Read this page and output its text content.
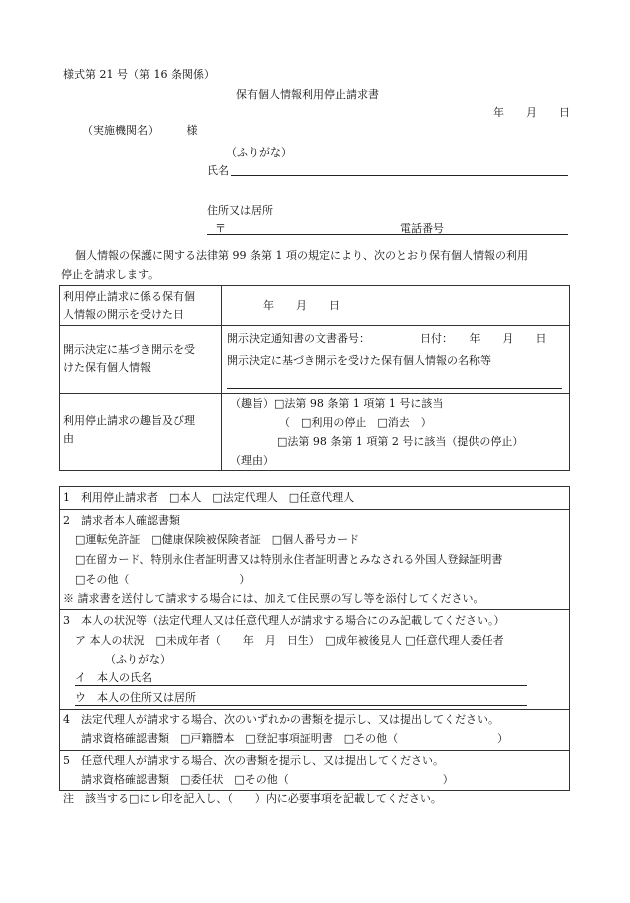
様式第 21 号（第 16 条関係）
保有個人情報利用停止請求書
年　　月　　日
（実施機関名）　　　様
（ふりがな）
氏名
住所又は居所
〒	電話番号
個人情報の保護に関する法律第 99 条第 1 項の規定により、次のとおり保有個人情報の利用
停止を請求します。
利用停止請求に係る保有個
人情報の開示を受けた日
年　　月　　日
開示決定に基づき開示を受
けた保有個人情報
開示決定通知書の文書番号：	日付：　　年　　月　　日
開示決定に基づき開示を受けた保有個人情報の名称等
利用停止請求の趣旨及び理
由
（趣旨）□法第 98 条第 1 項第 1 号に該当
（　□利用の停止　□消去　）
□法第 98 条第 1 項第 2 号に該当（提供の停止）
（理由）
1　利用停止請求者　□本人　□法定代理人　□任意代理人
2　請求者本人確認書類
□運転免許証　□健康保険被保険者証　□個人番号カード
□在留カード、特別永住者証明書又は特別永住者証明書とみなされる外国人登録証明書
□その他（　　　　　　　　　　）
※ 請求書を送付して請求する場合には、加えて住民票の写し等を添付してください。
3　本人の状況等（法定代理人又は任意代理人が請求する場合にのみ記載してください。）
ア 本人の状況　□未成年者（　　年　月　日生）　□成年被後見人 □任意代理人委任者
（ふりがな）
イ　本人の氏名
ウ　本人の住所又は居所
4　法定代理人が請求する場合、次のいずれかの書類を提示し、又は提出してください。
請求資格確認書類　□戸籍謄本　□登記事項証明書　□その他（　　　　　　　　　）
5　任意代理人が請求する場合、次の書類を提示し、又は提出してください。
請求資格確認書類　□委任状　□その他（　　　　　　　　　　　　　　）
注　該当する□にレ印を記入し、（　　）内に必要事項を記載してください。
